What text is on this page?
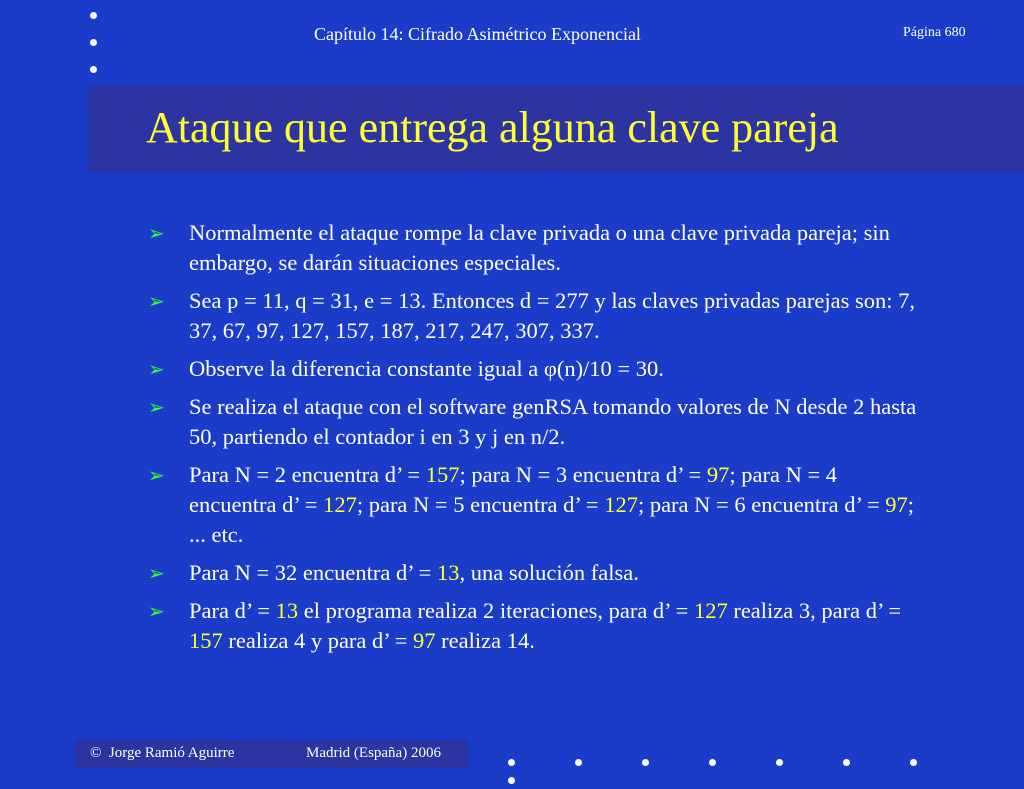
Capítulo 14: Cifrado Asimétrico Exponencial	Página 680
Ataque que entrega alguna clave pareja
➢ Normalmente el ataque rompe la clave privada o una clave privada pareja; sin embargo, se darán situaciones especiales.
➢ Sea p = 11, q = 31, e = 13. Entonces d = 277 y las claves privadas parejas son: 7, 37, 67, 97, 127, 157, 187, 217, 247, 307, 337.
➢ Observe la diferencia constante igual a φ(n)/10 = 30.
➢ Se realiza el ataque con el software genRSA tomando valores de N desde 2 hasta 50, partiendo el contador i en 3 y j en n/2.
➢ Para N = 2 encuentra d’ = 157; para N = 3 encuentra d’ = 97; para N = 4 encuentra d’ = 127; para N = 5 encuentra d’ = 127; para N = 6 encuentra d’ = 97; ... etc.
➢ Para N = 32 encuentra d’ = 13, una solución falsa.
➢ Para d’ = 13 el programa realiza 2 iteraciones, para d’ = 127 realiza 3, para d’ = 157 realiza 4 y para d’ = 97 realiza 14.
© Jorge Ramió Aguirre	Madrid (España) 2006
